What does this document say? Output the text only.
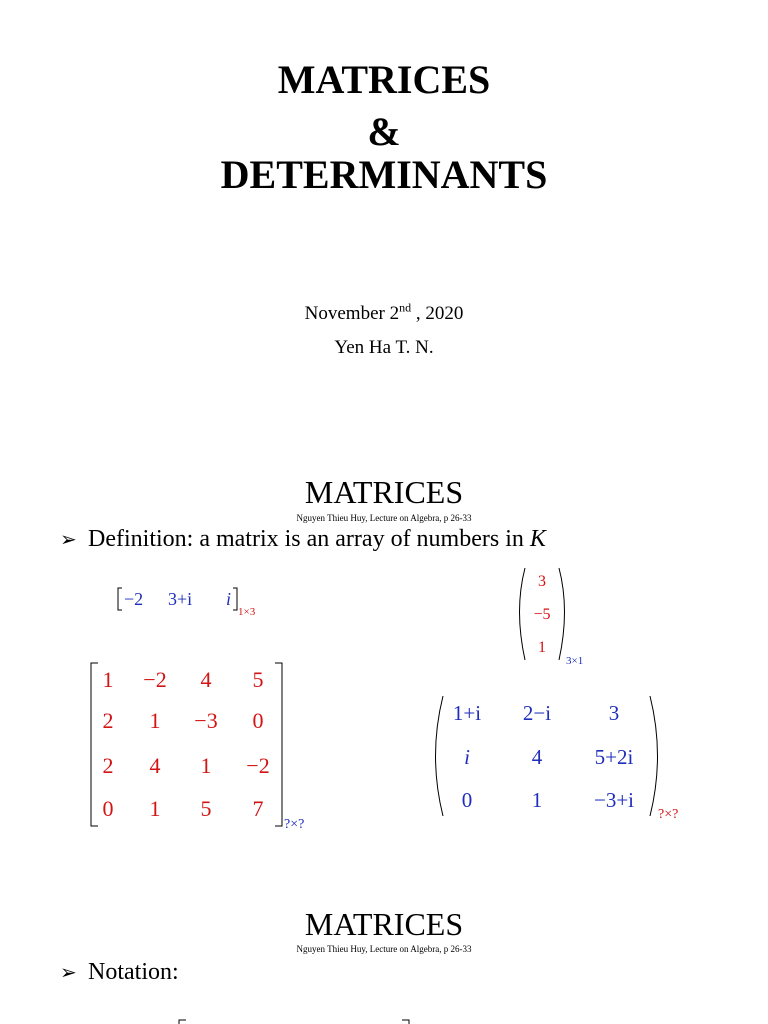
MATRICES
&
DETERMINANTS
November 2nd , 2020
Yen Ha T. N.
MATRICES
Nguyen Thieu Huy, Lecture on Algebra, p 26-33
➢ Definition: a matrix is an array of numbers in K
−2 3+i i
1×3
3
−5
1
3×1
1 −2 4 5
2 1 −3 0
2 4 1 −2
0 1 5 7
?×?
1+i 2−i	3
i	4 5+2i
0	1 −3+i
?×?
MATRICES
Nguyen Thieu Huy, Lecture on Algebra, p 26-33
➢ Notation:
